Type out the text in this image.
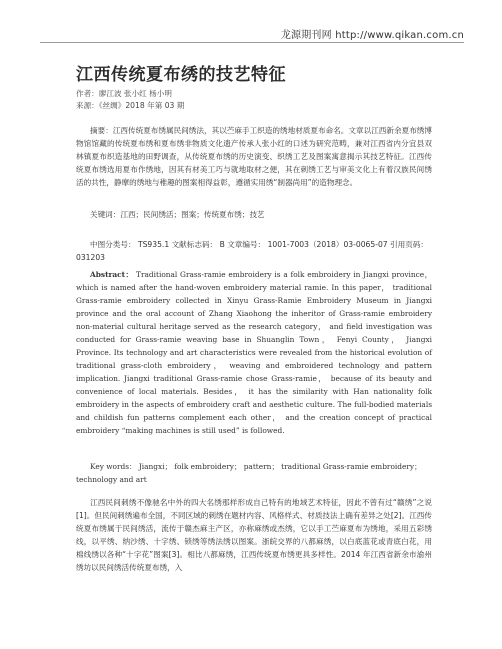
龙源期刊网 http://www.qikan.com.cn
江西传统夏布绣的技艺特征
作者：廖江波 张小红 杨小明
来源：《丝绸》2018 年第 03 期

摘要：江西传统夏布绣属民间绣法，其以苎麻手工织造的绣地材质夏布命名。文章以江西新余夏布绣博物馆馆藏的传统夏布绣和夏布绣非物质文化遗产传承人张小红的口述为研究范畴，兼对江西省内分宜县双林镇夏布织造基地的田野调查，从传统夏布绣的历史演变、织绣工艺及图案寓意揭示其技艺特征。江西传统夏布绣选用夏布作绣地，因其有材美工巧与就地取材之便，其在刺绣工艺与审美文化上有着汉族民间绣活的共性，静摩的绣地与稚趣的图案相得益彰，遵循实用绣“制器尚用”的造物理念。

关键词：江西；民间绣活；图案；传统夏布绣；技艺

中图分类号： TS935.1 文献标志码： B 文章编号： 1001-7003（2018）03-0065-07 引用页码： 031203

Abstract： Traditional Grass-ramie embroidery is a folk embroidery in Jiangxi province， which is named after the hand-woven embroidery material ramie. In this paper， traditional Grass-ramie embroidery collected in Xinyu Grass-Ramie Embroidery Museum in Jiangxi province and the oral account of Zhang Xiaohong the inheritor of Grass-ramie embroidery non-material cultural heritage served as the research category， and field investigation was conducted for Grass-ramie weaving base in Shuanglin Town， Fenyi County， Jiangxi Province. Its technology and art characteristics were revealed from the historical evolution of traditional grass-cloth embroidery， weaving and embroidered technology and pattern implication. Jiangxi traditional Grass-ramie chose Grass-ramie， because of its beauty and convenience of local materials. Besides， it has the similarity with Han nationality folk embroidery in the aspects of embroidery craft and aesthetic culture. The full-bodied materials and childish fun patterns complement each other， and the creation concept of practical embroidery “making machines is still used” is followed.

Key words： Jiangxi； folk embroidery； pattern； traditional Grass-ramie embroidery； technology and art

江西民间刺绣不像驰名中外的四大名绣那样形成自己特有的地域艺术特征，因此不曾有过“赣绣”之说[1]。但民间刺绣遍布全国，不同区域的刺绣在题材内容、风格样式、材质技法上确有差异之处[2]。江西传统夏布绣属于民间绣活，流传于赣杰麻主产区，亦称麻绣或杰绣，它以手工苎麻夏布为绣地，采用五彩绣线，以平绣、纳沙绣、十字绣、锁绣等绣法绣以图案。浙皖交界的八都麻绣，以白底蓝花或青底白花，用棉线绣以各种“十字花”图案[3]。相比八都麻绣，江西传统夏布绣更具多样性。2014 年江西省新余市渝州绣坊以民间绣活传统夏布绣，入
